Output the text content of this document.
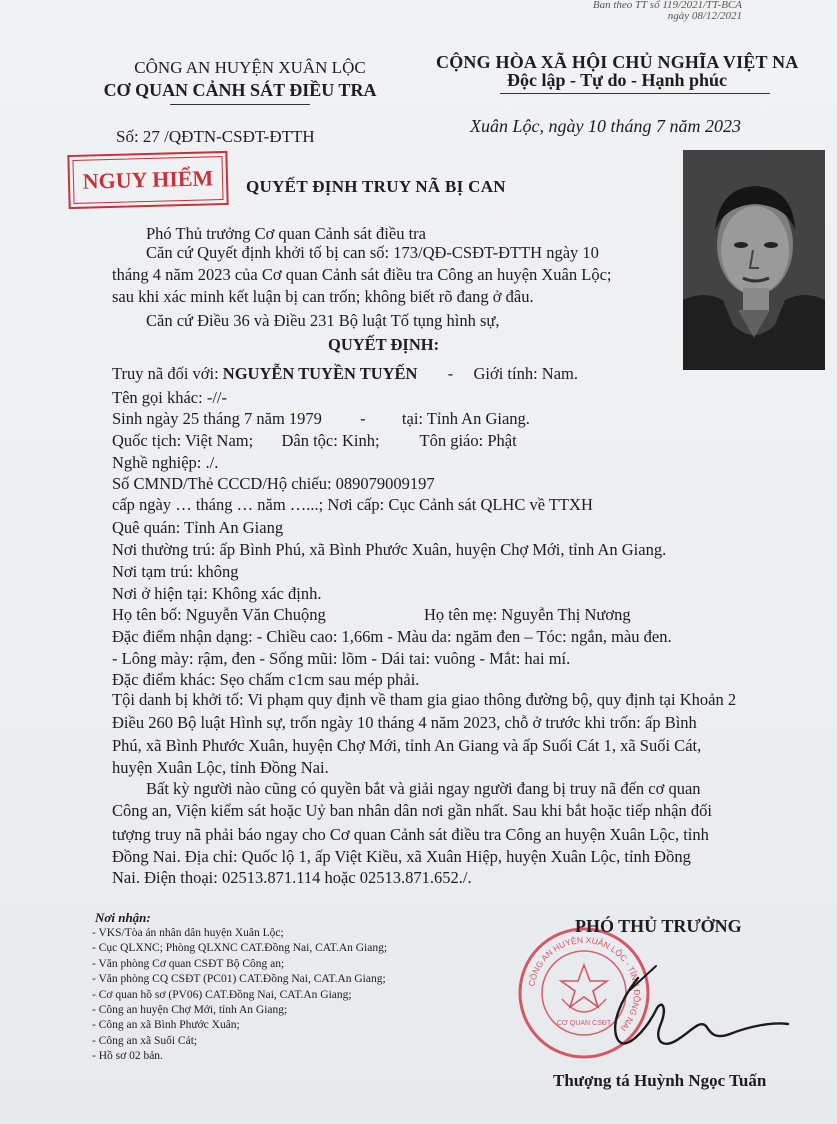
Ban theo TT số 119/2021/TT-BCA
ngày 08/12/2021
CÔNG AN HUYỆN XUÂN LỘC
CƠ QUAN CẢNH SÁT ĐIỀU TRA
CỘNG HÒA XÃ HỘI CHỦ NGHĨA VIỆT NA
Độc lập - Tự do - Hạnh phúc
Số: 27 /QĐTN-CSĐT-ĐTTH
Xuân Lộc, ngày 10 tháng 7 năm 2023
NGUY HIỂM	QUYẾT ĐỊNH TRUY NÃ BỊ CAN
Phó Thủ trưởng Cơ quan Cảnh sát điều tra
Căn cứ Quyết định khởi tố bị can số: 173/QĐ-CSĐT-ĐTTH ngày 10
tháng 4 năm 2023 của Cơ quan Cảnh sát điều tra Công an huyện Xuân Lộc;
sau khi xác minh kết luận bị can trốn; không biết rõ đang ở đâu.
Căn cứ Điều 36 và Điều 231 Bộ luật Tố tụng hình sự,
QUYẾT ĐỊNH:
Truy nã đối với: NGUYỄN TUYỀN TUYẾN - Giới tính: Nam.
Tên gọi khác: -//-
Sinh ngày 25 tháng 7 năm 1979 - tại: Tỉnh An Giang.
Quốc tịch: Việt Nam; Dân tộc: Kinh; Tôn giáo: Phật
Nghề nghiệp: ./.
Số CMND/Thẻ CCCD/Hộ chiếu: 089079009197
cấp ngày … tháng … năm …...; Nơi cấp: Cục Cảnh sát QLHC về TTXH
Quê quán: Tỉnh An Giang
Nơi thường trú: ấp Bình Phú, xã Bình Phước Xuân, huyện Chợ Mới, tỉnh An Giang.
Nơi tạm trú: không
Nơi ở hiện tại: Không xác định.
Họ tên bố: Nguyễn Văn Chuộng	Họ tên mẹ: Nguyễn Thị Nương
Đặc điểm nhận dạng: - Chiều cao: 1,66m - Màu da: ngăm đen – Tóc: ngắn, màu đen.
- Lông mày: rậm, đen - Sống mũi: lõm - Dái tai: vuông - Mắt: hai mí.
Đặc điểm khác: Sẹo chấm c1cm sau mép phải.
Tội danh bị khởi tố: Vi phạm quy định về tham gia giao thông đường bộ, quy định tại Khoản 2
Điều 260 Bộ luật Hình sự, trốn ngày 10 tháng 4 năm 2023, chỗ ở trước khi trốn: ấp Bình
Phú, xã Bình Phước Xuân, huyện Chợ Mới, tỉnh An Giang và ấp Suối Cát 1, xã Suối Cát,
huyện Xuân Lộc, tỉnh Đồng Nai.
Bất kỳ người nào cũng có quyền bắt và giải ngay người đang bị truy nã đến cơ quan
Công an, Viện kiểm sát hoặc Uỷ ban nhân dân nơi gần nhất. Sau khi bắt hoặc tiếp nhận đối
tượng truy nã phải báo ngay cho Cơ quan Cảnh sát điều tra Công an huyện Xuân Lộc, tỉnh
Đồng Nai. Địa chỉ: Quốc lộ 1, ấp Việt Kiều, xã Xuân Hiệp, huyện Xuân Lộc, tỉnh Đồng
Nai. Điện thoại: 02513.871.114 hoặc 02513.871.652./.
Nơi nhận:
- VKS/Tòa án nhân dân huyện Xuân Lộc;
- Cục QLXNC; Phòng QLXNC CAT.Đồng Nai, CAT.An Giang;
- Văn phòng Cơ quan CSĐT Bộ Công an;
- Văn phòng CQ CSĐT (PC01) CAT.Đồng Nai, CAT.An Giang;
- Cơ quan hồ sơ (PV06) CAT.Đồng Nai, CAT.An Giang;
- Công an huyện Chợ Mới, tỉnh An Giang;
- Công an xã Bình Phước Xuân;
- Công an xã Suối Cát;
- Hồ sơ 02 bản.
CÔNG AN HUYỆN XUÂN LỘC - TỈNH ĐỒNG NAI
CƠ QUAN CSĐT
PHÓ THỦ TRƯỞNG
Thượng tá Huỳnh Ngọc Tuấn
